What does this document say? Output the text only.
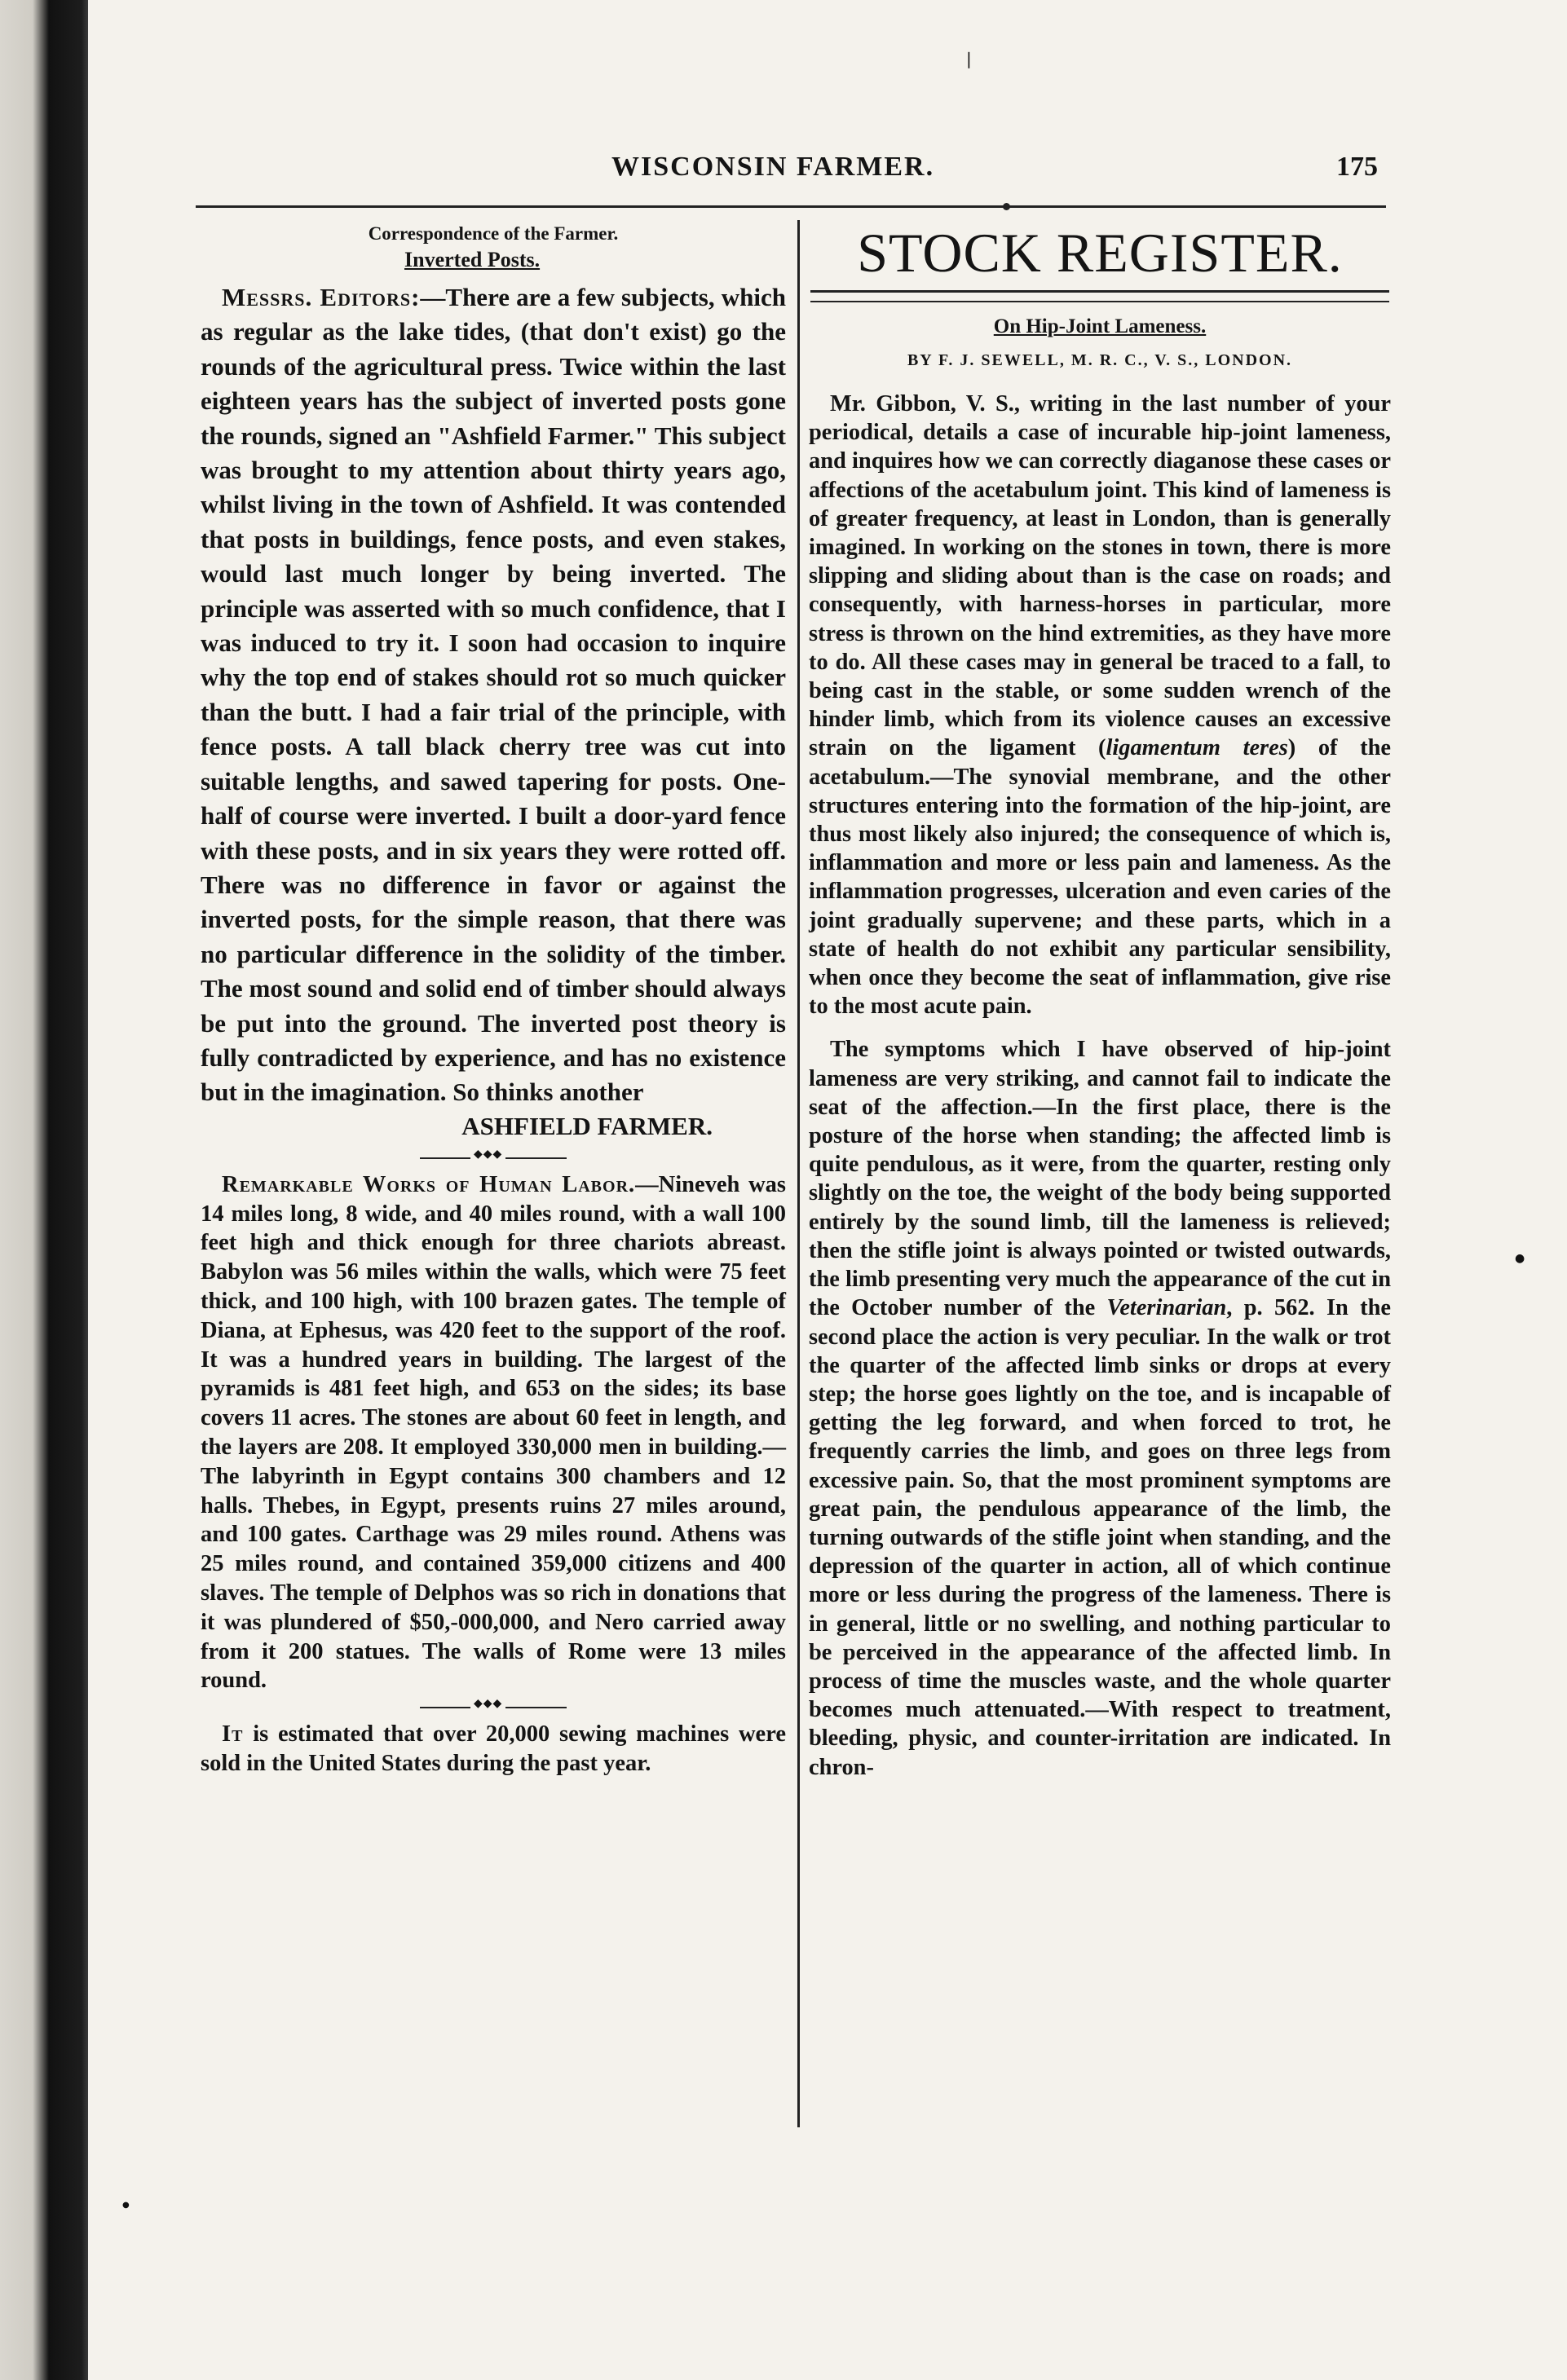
❘
●
●
WISCONSIN FARMER.	175
Correspondence of the Farmer.
Inverted Posts.

Messrs. Editors:—There are a few subjects, which as regular as the lake tides, (that don't exist) go the rounds of the agricultural press. Twice within the last eighteen years has the subject of inverted posts gone the rounds, signed an "Ashfield Farmer." This subject was brought to my attention about thirty years ago, whilst living in the town of Ashfield. It was contended that posts in buildings, fence posts, and even stakes, would last much longer by being inverted. The principle was asserted with so much confidence, that I was induced to try it. I soon had occasion to inquire why the top end of stakes should rot so much quicker than the butt. I had a fair trial of the principle, with fence posts. A tall black cherry tree was cut into suitable lengths, and sawed tapering for posts. One-half of course were inverted. I built a door-yard fence with these posts, and in six years they were rotted off. There was no difference in favor or against the inverted posts, for the simple reason, that there was no particular difference in the solidity of the timber. The most sound and solid end of timber should always be put into the ground. The inverted post theory is fully contradicted by experience, and has no existence but in the imagination. So thinks another

ASHFIELD FARMER.
◆◆◆

Remarkable Works of Human Labor.—Nineveh was 14 miles long, 8 wide, and 40 miles round, with a wall 100 feet high and thick enough for three chariots abreast. Babylon was 56 miles within the walls, which were 75 feet thick, and 100 high, with 100 brazen gates. The temple of Diana, at Ephesus, was 420 feet to the support of the roof. It was a hundred years in building. The largest of the pyramids is 481 feet high, and 653 on the sides; its base covers 11 acres. The stones are about 60 feet in length, and the layers are 208. It employed 330,000 men in building.—The labyrinth in Egypt contains 300 chambers and 12 halls. Thebes, in Egypt, presents ruins 27 miles around, and 100 gates. Carthage was 29 miles round. Athens was 25 miles round, and contained 359,000 citizens and 400 slaves. The temple of Delphos was so rich in donations that it was plundered of $50,-000,000, and Nero carried away from it 200 statues. The walls of Rome were 13 miles round.

◆◆◆

It is estimated that over 20,000 sewing machines were sold in the United States during the past year.

STOCK REGISTER.
On Hip-Joint Lameness.
BY F. J. SEWELL, M. R. C., V. S., LONDON.

Mr. Gibbon, V. S., writing in the last number of your periodical, details a case of incurable hip-joint lameness, and inquires how we can correctly diaganose these cases or affections of the acetabulum joint. This kind of lameness is of greater frequency, at least in London, than is generally imagined. In working on the stones in town, there is more slipping and sliding about than is the case on roads; and consequently, with harness-horses in particular, more stress is thrown on the hind extremities, as they have more to do. All these cases may in general be traced to a fall, to being cast in the stable, or some sudden wrench of the hinder limb, which from its violence causes an excessive strain on the ligament (ligamentum teres) of the acetabulum.—The synovial membrane, and the other structures entering into the formation of the hip-joint, are thus most likely also injured; the consequence of which is, inflammation and more or less pain and lameness. As the inflammation progresses, ulceration and even caries of the joint gradually supervene; and these parts, which in a state of health do not exhibit any particular sensibility, when once they become the seat of inflammation, give rise to the most acute pain.

The symptoms which I have observed of hip-joint lameness are very striking, and cannot fail to indicate the seat of the affection.—In the first place, there is the posture of the horse when standing; the affected limb is quite pendulous, as it were, from the quarter, resting only slightly on the toe, the weight of the body being supported entirely by the sound limb, till the lameness is relieved; then the stifle joint is always pointed or twisted outwards, the limb presenting very much the appearance of the cut in the October number of the Veterinarian, p. 562. In the second place the action is very peculiar. In the walk or trot the quarter of the affected limb sinks or drops at every step; the horse goes lightly on the toe, and is incapable of getting the leg forward, and when forced to trot, he frequently carries the limb, and goes on three legs from excessive pain. So, that the most prominent symptoms are great pain, the pendulous appearance of the limb, the turning outwards of the stifle joint when standing, and the depression of the quarter in action, all of which continue more or less during the progress of the lameness. There is in general, little or no swelling, and nothing particular to be perceived in the appearance of the affected limb. In process of time the muscles waste, and the whole quarter becomes much attenuated.—With respect to treatment, bleeding, physic, and counter-irritation are indicated. In chron-
